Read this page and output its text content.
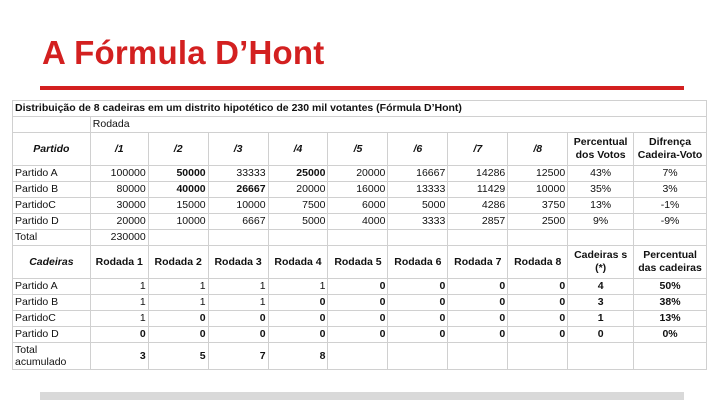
A Fórmula D’Hont
Distribuição de 8 cadeiras em um distrito hipotético de 230 mil votantes (Fórmula D’Hont)										
	Rodada									
Partido	/1	/2	/3	/4	/5	/6	/7	/8	Percentual dos Votos	Difrença Cadeira-Voto
Partido A	100000	50000	33333	25000	20000	16667	14286	12500	43%	7%
Partido B	80000	40000	26667	20000	16000	13333	11429	10000	35%	3%
PartidoC	30000	15000	10000	7500	6000	5000	4286	3750	13%	-1%
Partido D	20000	10000	6667	5000	4000	3333	2857	2500	9%	-9%
Total	230000									
Cadeiras	Rodada 1	Rodada 2	Rodada 3	Rodada 4	Rodada 5	Rodada 6	Rodada 7	Rodada 8	Cadeiras s (*)	Percentual das cadeiras
Partido A	1	1	1	1	0	0	0	0	4	50%
Partido B	1	1	1	0	0	0	0	0	3	38%
PartidoC	1	0	0	0	0	0	0	0	1	13%
Partido D	0	0	0	0	0	0	0	0	0	0%
Total acumulado	3	5	7	8						
